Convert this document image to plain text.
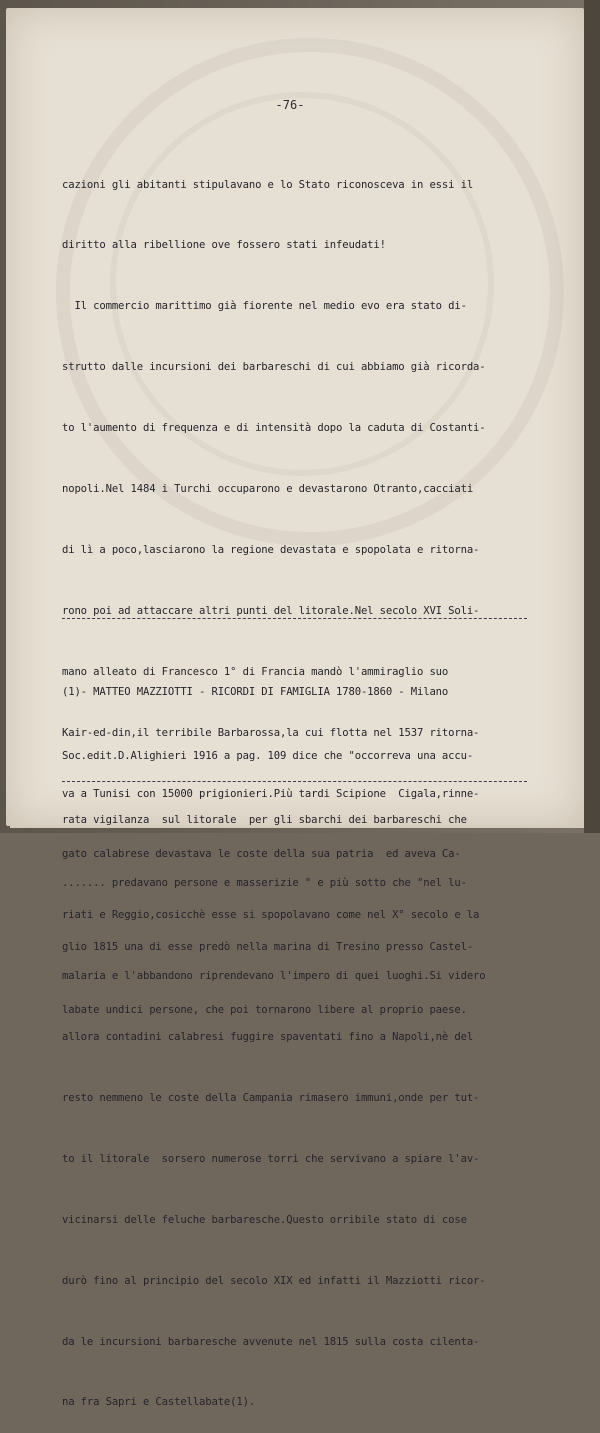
-76-

cazioni gli abitanti stipulavano e lo Stato riconosceva in essi il

diritto alla ribellione ove fossero stati infeudati!

Il commercio marittimo già fiorente nel medio evo era stato di-

strutto dalle incursioni dei barbareschi di cui abbiamo già ricorda-

to l'aumento di frequenza e di intensità dopo la caduta di Costanti-

nopoli.Nel 1484 i Turchi occuparono e devastarono Otranto,cacciati

di lì a poco,lasciarono la regione devastata e spopolata e ritorna-

rono poi ad attaccare altri punti del litorale.Nel secolo XVI Soli-

mano alleato di Francesco 1° di Francia mandò l'ammiraglio suo

Kair-ed-din,il terribile Barbarossa,la cui flotta nel 1537 ritorna-

va a Tunisi con 15000 prigionieri.Più tardi Scipione  Cigala,rinne-

gato calabrese devastava le coste della sua patria  ed aveva Ca-

riati e Reggio,cosicchè esse si spopolavano come nel X° secolo e la

malaria e l'abbandono riprendevano l'impero di quei luoghi.Si videro

allora contadini calabresi fuggire spaventati fino a Napoli,nè del

resto nemmeno le coste della Campania rimasero immuni,onde per tut-

to il litorale  sorsero numerose torri che servivano a spiare l'av-

vicinarsi delle feluche barbaresche.Questo orribile stato di cose

durò fino al principio del secolo XIX ed infatti il Mazziotti ricor-

da le incursioni barbaresche avvenute nel 1815 sulla costa cilenta-

na fra Sapri e Castellabate(1).

(1)- MATTEO MAZZIOTTI - RICORDI DI FAMIGLIA 1780-1860 - Milano

Soc.edit.D.Alighieri 1916 a pag. 109 dice che "occorreva una accu-

rata vigilanza  sul litorale  per gli sbarchi dei barbareschi che

....... predavano persone e masserizie " e più sotto che "nel lu-

glio 1815 una di esse predò nella marina di Tresino presso Castel-

labate undici persone, che poi tornarono libere al proprio paese.
